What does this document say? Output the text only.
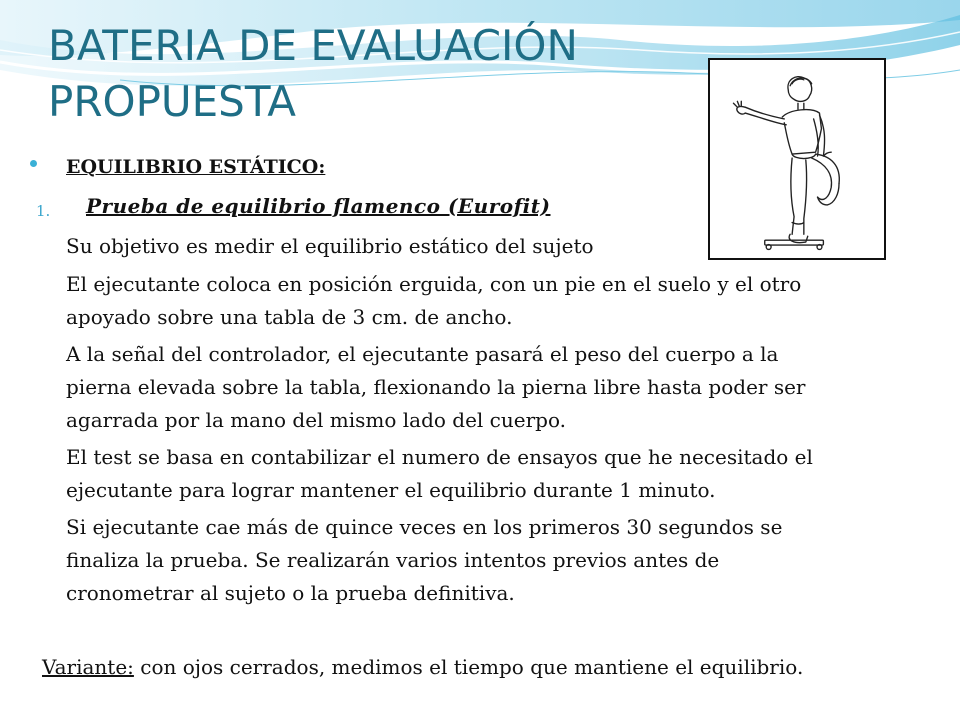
BATERIA DE EVALUACIÓN
PROPUESTA
EQUILIBRIO ESTÁTICO:
1. Prueba de equilibrio flamenco (Eurofit)
Su objetivo es medir el equilibrio estático del sujeto
El ejecutante coloca en posición erguida, con un pie en el suelo y el otro
apoyado sobre una tabla de 3 cm. de ancho.
A la señal del controlador, el ejecutante pasará el peso del cuerpo a la
pierna elevada sobre la tabla, flexionando la pierna libre hasta poder ser
agarrada por la mano del mismo lado del cuerpo.
El test se basa en contabilizar el numero de ensayos que he necesitado el
ejecutante para lograr mantener el equilibrio durante 1 minuto.
Si ejecutante cae más de quince veces en los primeros 30 segundos se
finaliza la prueba. Se realizarán varios intentos previos antes de
cronometrar al sujeto o la prueba definitiva.
Variante: con ojos cerrados, medimos el tiempo que mantiene el equilibrio.
